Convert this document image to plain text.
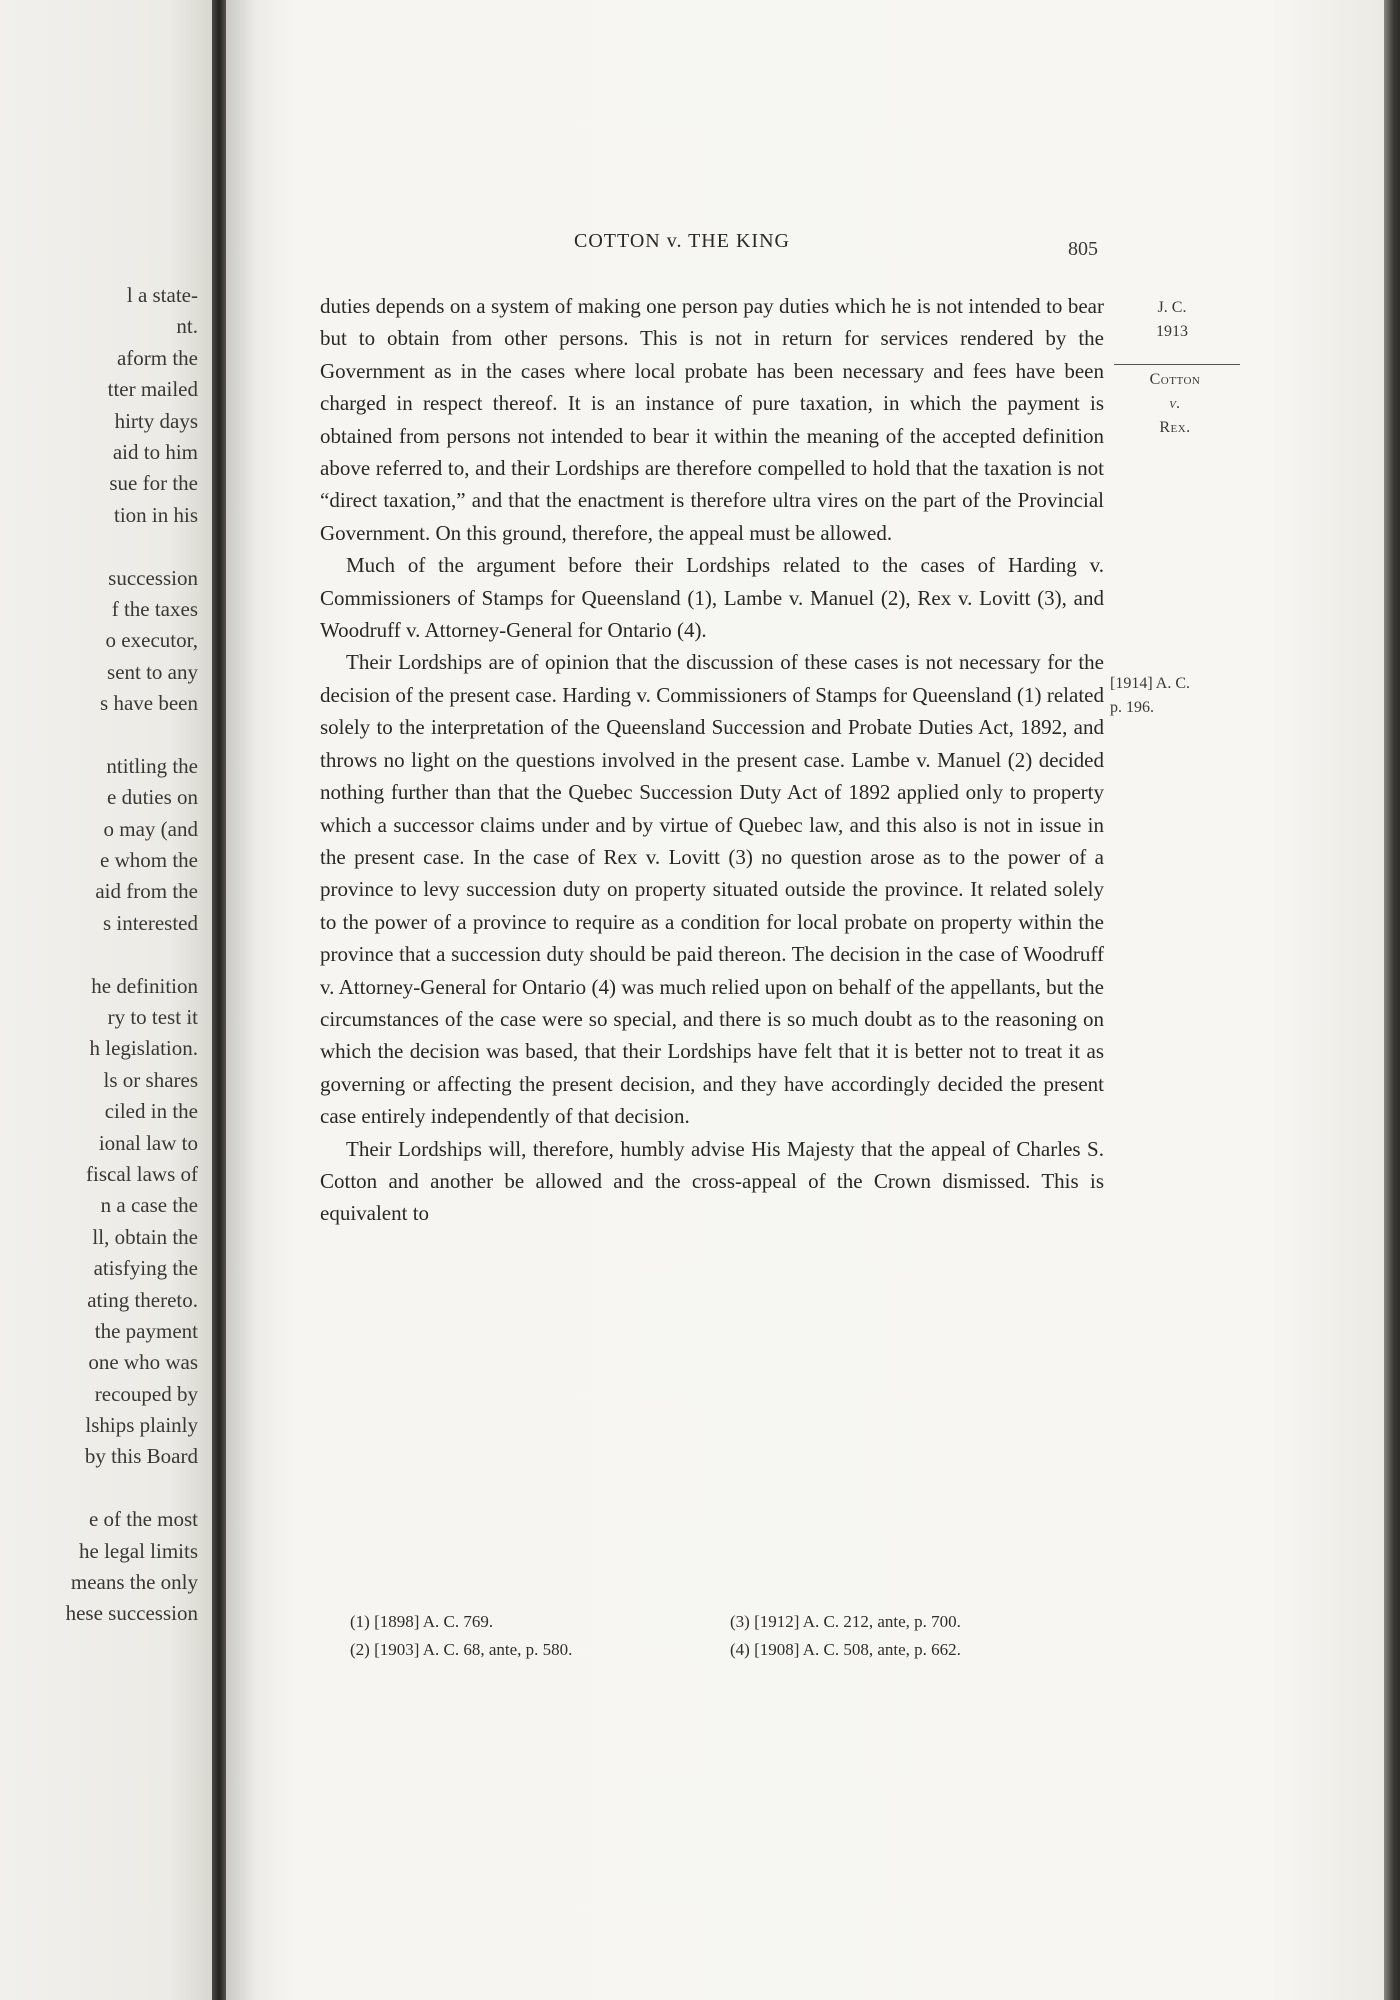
l a state-
nt.
aform the
tter mailed
hirty days
aid to him
sue for the
tion in his
succession
f the taxes
o executor,
sent to any
s have been
ntitling the
e duties on
o may (and
e whom the
aid from the
s interested
he definition
ry to test it
h legislation.
ls or shares
ciled in the
ional law to
fiscal laws of
n a case the
ll, obtain the
atisfying the
ating thereto.
the payment
one who was
recouped by
lships plainly
by this Board
e of the most
he legal limits
means the only
hese succession
COTTON v. THE KING	805
J. C.
1913
Cotton
v.
Rex.
[1914] A. C.
p. 196.

duties depends on a system of making one person pay duties which he is not intended to bear but to obtain from other persons. This is not in return for services rendered by the Government as in the cases where local probate has been necessary and fees have been charged in respect thereof. It is an instance of pure taxation, in which the payment is obtained from persons not intended to bear it within the meaning of the accepted definition above referred to, and their Lordships are therefore compelled to hold that the taxation is not “direct taxation,” and that the enactment is therefore ultra vires on the part of the Provincial Government. On this ground, therefore, the appeal must be allowed.

Much of the argument before their Lordships related to the cases of Harding v. Commissioners of Stamps for Queensland (1), Lambe v. Manuel (2), Rex v. Lovitt (3), and Woodruff v. Attorney-General for Ontario (4).

Their Lordships are of opinion that the discussion of these cases is not necessary for the decision of the present case. Harding v. Commissioners of Stamps for Queensland (1) related solely to the interpretation of the Queensland Succession and Probate Duties Act, 1892, and throws no light on the questions involved in the present case. Lambe v. Manuel (2) decided nothing further than that the Quebec Succession Duty Act of 1892 applied only to property which a successor claims under and by virtue of Quebec law, and this also is not in issue in the present case. In the case of Rex v. Lovitt (3) no question arose as to the power of a province to levy succession duty on property situated outside the province. It related solely to the power of a province to require as a condition for local probate on property within the province that a succession duty should be paid thereon. The decision in the case of Woodruff v. Attorney-General for Ontario (4) was much relied upon on behalf of the appellants, but the circumstances of the case were so special, and there is so much doubt as to the reasoning on which the decision was based, that their Lordships have felt that it is better not to treat it as governing or affecting the present decision, and they have accordingly decided the present case entirely independently of that decision.

Their Lordships will, therefore, humbly advise His Majesty that the appeal of Charles S. Cotton and another be allowed and the cross-appeal of the Crown dismissed. This is equivalent to

(1) [1898] A. C. 769.	(3) [1912] A. C. 212, ante, p. 700.
(2) [1903] A. C. 68, ante, p. 580.	(4) [1908] A. C. 508, ante, p. 662.
